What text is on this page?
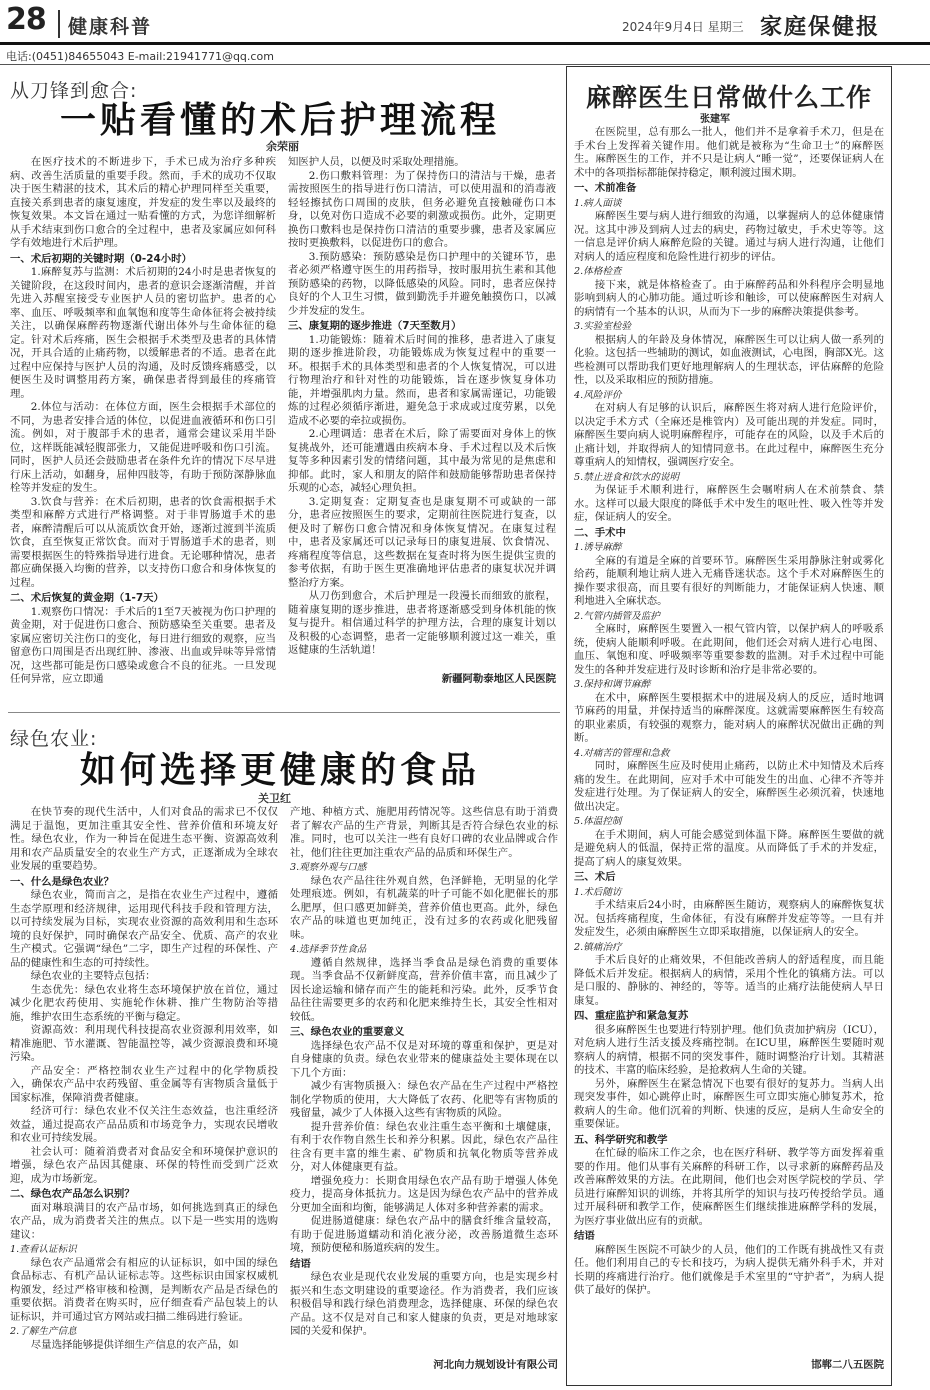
28 健康科普	2024年9月4日 星期三 家庭保健报
电话:(0451)84655043 E-mail:21941771@qq.com
从刀锋到愈合:
一贴看懂的术后护理流程
余荣丽

在医疗技术的不断进步下，手术已成为治疗多种疾病、改善生活质量的重要手段。然而，手术的成功不仅取决于医生精湛的技术，其术后的精心护理同样至关重要，直接关系到患者的康复速度，并发症的发生率以及最终的恢复效果。本文旨在通过一贴看懂的方式，为您详细解析从手术结束到伤口愈合的全过程中，患者及家属应如何科学有效地进行术后护理。

一、术后初期的关键时期（0-24小时）

1.麻醉复苏与监测：术后初期的24小时是患者恢复的关键阶段，在这段时间内，患者的意识会逐渐清醒，并首先进入苏醒室接受专业医护人员的密切监护。患者的心率、血压、呼吸频率和血氧饱和度等生命体征将会被持续关注，以确保麻醉药物逐渐代谢出体外与生命体征的稳定。针对术后疼痛，医生会根据手术类型及患者的具体情况，开具合适的止痛药物，以缓解患者的不适。患者在此过程中应保持与医护人员的沟通，及时反馈疼痛感受，以便医生及时调整用药方案，确保患者得到最佳的疼痛管理。

2.体位与活动：在体位方面，医生会根据手术部位的不同，为患者安排合适的体位，以促进血液循环和伤口引流。例如，对于腹部手术的患者，通常会建议采用半卧位，这样既能减轻腹部张力，又能促进呼吸和伤口引流。同时，医护人员还会鼓励患者在条件允许的情况下尽早进行床上活动，如翻身，屈伸四肢等，有助于预防深静脉血栓等并发症的发生。

3.饮食与营养：在术后初期，患者的饮食需根据手术类型和麻醉方式进行严格调整。对于非胃肠道手术的患者，麻醉清醒后可以从流质饮食开始，逐渐过渡到半流质饮食，直至恢复正常饮食。而对于胃肠道手术的患者，则需要根据医生的特殊指导进行进食。无论哪种情况，患者都应确保摄入均衡的营养，以支持伤口愈合和身体恢复的过程。

二、术后恢复的黄金期（1-7天）

1.观察伤口情况：手术后的1至7天被视为伤口护理的黄金期，对于促进伤口愈合、预防感染至关重要。患者及家属应密切关注伤口的变化，每日进行细致的观察，应当留意伤口周围是否出现红肿、渗液、出血或异味等异常情况，这些都可能是伤口感染或愈合不良的征兆。一旦发现任何异常，应立即通

知医护人员，以便及时采取处理措施。

2.伤口敷料管理：为了保持伤口的清洁与干燥，患者需按照医生的指导进行伤口清洁，可以使用温和的消毒液轻轻擦拭伤口周围的皮肤，但务必避免直接触碰伤口本身，以免对伤口造成不必要的刺激或损伤。此外，定期更换伤口敷料也是保持伤口清洁的重要步骤，患者及家属应按时更换敷料，以促进伤口的愈合。

3.预防感染：预防感染是伤口护理中的关键环节，患者必须严格遵守医生的用药指导，按时服用抗生素和其他预防感染的药物，以降低感染的风险。同时，患者应保持良好的个人卫生习惯，做到勤洗手并避免触摸伤口，以减少并发症的发生。

三、康复期的逐步推进（7天至数月）

1.功能锻炼：随着术后时间的推移，患者进入了康复期的逐步推进阶段，功能锻炼成为恢复过程中的重要一环。根据手术的具体类型和患者的个人恢复情况，可以进行物理治疗和针对性的功能锻炼，旨在逐步恢复身体功能，并增强肌肉力量。然而，患者和家属需谨记，功能锻炼的过程必须循序渐进，避免急于求成或过度劳累，以免造成不必要的牵拉或损伤。

2.心理调适：患者在术后，除了需要面对身体上的恢复挑战外，还可能遭遇由疾病本身、手术过程以及术后恢复等多种因素引发的情绪问题，其中最为常见的是焦虑和抑郁。此时，家人和朋友的陪伴和鼓励能够帮助患者保持乐观的心态，减轻心理负担。

3.定期复查：定期复查也是康复期不可或缺的一部分，患者应按照医生的要求，定期前往医院进行复查，以便及时了解伤口愈合情况和身体恢复情况。在康复过程中，患者及家属还可以记录每日的康复进展、饮食情况、疼痛程度等信息，这些数据在复查时将为医生提供宝贵的参考依据，有助于医生更准确地评估患者的康复状况并调整治疗方案。

从刀伤到愈合，术后护理是一段漫长而细致的旅程，随着康复期的逐步推进，患者将逐渐感受到身体机能的恢复与提升。相信通过科学的护理方法，合理的康复计划以及积极的心态调整，患者一定能够顺利渡过这一难关，重返健康的生活轨道！

新疆阿勒泰地区人民医院
绿色农业:
如何选择更健康的食品
关卫红

在快节奏的现代生活中，人们对食品的需求已不仅仅满足于温饱，更加注重其安全性、营养价值和环境友好性。绿色农业，作为一种旨在促进生态平衡、资源高效利用和农产品质量安全的农业生产方式，正逐渐成为全球农业发展的重要趋势。

一、什么是绿色农业？

绿色农业，简而言之，是指在农业生产过程中，遵循生态学原理和经济规律，运用现代科技手段和管理方法，以可持续发展为目标，实现农业资源的高效利用和生态环境的良好保护，同时确保农产品安全、优质、高产的农业生产模式。它强调“绿色”二字，即生产过程的环保性、产品的健康性和生态的可持续性。

绿色农业的主要特点包括：

生态优先：绿色农业将生态环境保护放在首位，通过减少化肥农药使用、实施轮作休耕、推广生物防治等措施，维护农田生态系统的平衡与稳定。

资源高效：利用现代科技提高农业资源利用效率，如精准施肥、节水灌溉、智能温控等，减少资源浪费和环境污染。

产品安全：严格控制农业生产过程中的化学物质投入，确保农产品中农药残留、重金属等有害物质含量低于国家标准，保障消费者健康。

经济可行：绿色农业不仅关注生态效益，也注重经济效益，通过提高农产品品质和市场竞争力，实现农民增收和农业可持续发展。

社会认可：随着消费者对食品安全和环境保护意识的增强，绿色农产品因其健康、环保的特性而受到广泛欢迎，成为市场新宠。

二、绿色农产品怎么识别？

面对琳琅满目的农产品市场，如何挑选到真正的绿色农产品，成为消费者关注的焦点。以下是一些实用的选购建议：

1.查看认证标识

绿色农产品通常会有相应的认证标识，如中国的绿色食品标志、有机产品认证标志等。这些标识由国家权威机构颁发，经过严格审核和检测，是判断农产品是否绿色的重要依据。消费者在购买时，应仔细查看产品包装上的认证标识，并可通过官方网站或扫描二维码进行验证。

2.了解生产信息

尽量选择能够提供详细生产信息的农产品，如

产地、种植方式、施肥用药情况等。这些信息有助于消费者了解农产品的生产背景，判断其是否符合绿色农业的标准。同时，也可以关注一些有良好口碑的农业品牌或合作社，他们往往更加注重农产品的品质和环保生产。

3.观察外观与口感

绿色农产品往往外观自然，色泽鲜艳，无明显的化学处理痕迹。例如，有机蔬菜的叶子可能不如化肥催长的那么肥厚，但口感更加鲜美，营养价值也更高。此外，绿色农产品的味道也更加纯正，没有过多的农药或化肥残留味。

4.选择季节性食品

遵循自然规律，选择当季食品是绿色消费的重要体现。当季食品不仅新鲜度高，营养价值丰富，而且减少了因长途运输和储存而产生的能耗和污染。此外，反季节食品往往需要更多的农药和化肥来维持生长，其安全性相对较低。

三、绿色农业的重要意义

选择绿色农产品不仅是对环境的尊重和保护，更是对自身健康的负责。绿色农业带来的健康益处主要体现在以下几个方面：

减少有害物质摄入：绿色农产品在生产过程中严格控制化学物质的使用，大大降低了农药、化肥等有害物质的残留量，减少了人体摄入这些有害物质的风险。

提升营养价值：绿色农业注重生态平衡和土壤健康，有利于农作物自然生长和养分积累。因此，绿色农产品往往含有更丰富的维生素、矿物质和抗氧化物质等营养成分，对人体健康更有益。

增强免疫力：长期食用绿色农产品有助于增强人体免疫力，提高身体抵抗力。这是因为绿色农产品中的营养成分更加全面和均衡，能够满足人体对多种营养素的需求。

促进肠道健康：绿色农产品中的膳食纤维含量较高，有助于促进肠道蠕动和消化液分泌，改善肠道微生态环境，预防便秘和肠道疾病的发生。

结语

绿色农业是现代农业发展的重要方向，也是实现乡村振兴和生态文明建设的重要途径。作为消费者，我们应该积极倡导和践行绿色消费理念，选择健康、环保的绿色农产品。这不仅是对自己和家人健康的负责，更是对地球家园的关爱和保护。

河北向力规划设计有限公司
麻醉医生日常做什么工作
张建军

在医院里，总有那么一批人，他们并不是拿着手术刀，但是在手术台上发挥着关键作用。他们就是被称为“生命卫士”的麻醉医生。麻醉医生的工作，并不只是让病人“睡一觉”，还要保证病人在术中的各项指标都能保持稳定，顺利渡过围术期。

一、术前准备
1.病人面谈

麻醉医生要与病人进行细致的沟通，以掌握病人的总体健康情况。这其中涉及到病人过去的病史，药物过敏史，手术史等等。这一信息是评价病人麻醉危险的关键。通过与病人进行沟通，让他们对病人的适应程度和危险性进行初步的评估。

2.体格检查

接下来，就是体格检查了。由于麻醉药品和外科程序会明显地影响到病人的心肺功能。通过听诊和触诊，可以使麻醉医生对病人的病情有一个基本的认识，从而为下一步的麻醉决策提供参考。

3.实验室检验

根据病人的年龄及身体情况，麻醉医生可以让病人做一系列的化验。这包括一些辅助的测试，如血液测试，心电图，胸部X光。这些检测可以帮助我们更好地理解病人的生理状态，评估麻醉的危险性，以及采取相应的预防措施。

4.风险评价

在对病人有足够的认识后，麻醉医生将对病人进行危险评价，以决定手术方式（全麻还是椎管内）及可能出现的并发症。同时，麻醉医生要向病人说明麻醉程序，可能存在的风险，以及手术后的止痛计划，并取得病人的知情同意书。在此过程中，麻醉医生充分尊重病人的知情权，强调医疗安全。

5.禁止进食和饮水的说明

为保证手术顺利进行，麻醉医生会嘱咐病人在术前禁食、禁水。这样可以最大限度的降低手术中发生的呕吐性、吸入性等并发症，保证病人的安全。

二、手术中
1.诱导麻醉

全麻的有道是全麻的首要环节。麻醉医生采用静脉注射或雾化给药，能顺利地让病人进入无痛昏迷状态。这个手术对麻醉医生的操作要求很高，而且要有很好的判断能力，才能保证病人快速、顺利地进入全麻状态。

2.气管内插管及监护

全麻时，麻醉医生要置入一根气管内管，以保护病人的呼吸系统，使病人能顺利呼吸。在此期间，他们还会对病人进行心电图、血压、氧饱和度、呼吸频率等重要参数的监测。对手术过程中可能发生的各种并发症进行及时诊断和治疗是非常必要的。

3.保持和调节麻醉

在术中，麻醉医生要根据术中的进展及病人的反应，适时地调节麻药的用量，并保持适当的麻醉深度。这就需要麻醉医生有较高的职业素质，有较强的观察力，能对病人的麻醉状况做出正确的判断。

4.对痛苦的管理和急救

同时，麻醉医生应及时使用止痛药，以防止术中知情及术后疼痛的发生。在此期间，应对手术中可能发生的出血、心律不齐等并发症进行处理。为了保证病人的安全，麻醉医生必须沉着，快速地做出决定。

5.体温控制

在手术期间，病人可能会感觉到体温下降。麻醉医生要做的就是避免病人的低温，保持正常的温度。从而降低了手术的并发症，提高了病人的康复效果。

三、术后
1.术后随访

手术结束后24小时，由麻醉医生随访，观察病人的麻醉恢复状况。包括疼痛程度，生命体征，有没有麻醉并发症等等。一旦有并发症发生，必须由麻醉医生立即采取措施，以保证病人的安全。

2.镇痛治疗

手术后良好的止痛效果，不但能改善病人的舒适程度，而且能降低术后并发症。根据病人的病情，采用个性化的镇痛方法。可以是口服的、静脉的、神经的，等等。适当的止痛疗法能使病人早日康复。

四、重症监护和紧急复苏

很多麻醉医生也要进行特别护理。他们负责加护病房（ICU），对危病人进行生活支援及疼痛控制。在ICU里，麻醉医生要随时观察病人的病情，根据不同的突发事件，随时调整治疗计划。其精湛的技术、丰富的临床经验，是抢救病人生命的关键。

另外，麻醉医生在紧急情况下也要有很好的复苏力。当病人出现突发事件，如心跳停止时，麻醉医生可立即实施心肺复苏术，抢救病人的生命。他们沉着的判断、快速的反应，是病人生命安全的重要保证。

五、科学研究和教学

在忙碌的临床工作之余，也在医疗科研、教学等方面发挥着重要的作用。他们从事有关麻醉的科研工作，以寻求新的麻醉药品及改善麻醉效果的方法。在此期间，他们也会对医学院校的学员、学员进行麻醉知识的训练，并将其所学的知识与技巧传授给学员。通过开展科研和教学工作，使麻醉医生们继续推进麻醉学科的发展，为医疗事业做出应有的贡献。

结语

麻醉医生医院不可缺少的人员，他们的工作既有挑战性又有责任。他们利用自己的专长和技巧，为病人提供无痛外科手术，并对长期的疼痛进行治疗。他们就像是手术室里的“守护者”，为病人提供了最好的保护。

邯郸二八五医院
